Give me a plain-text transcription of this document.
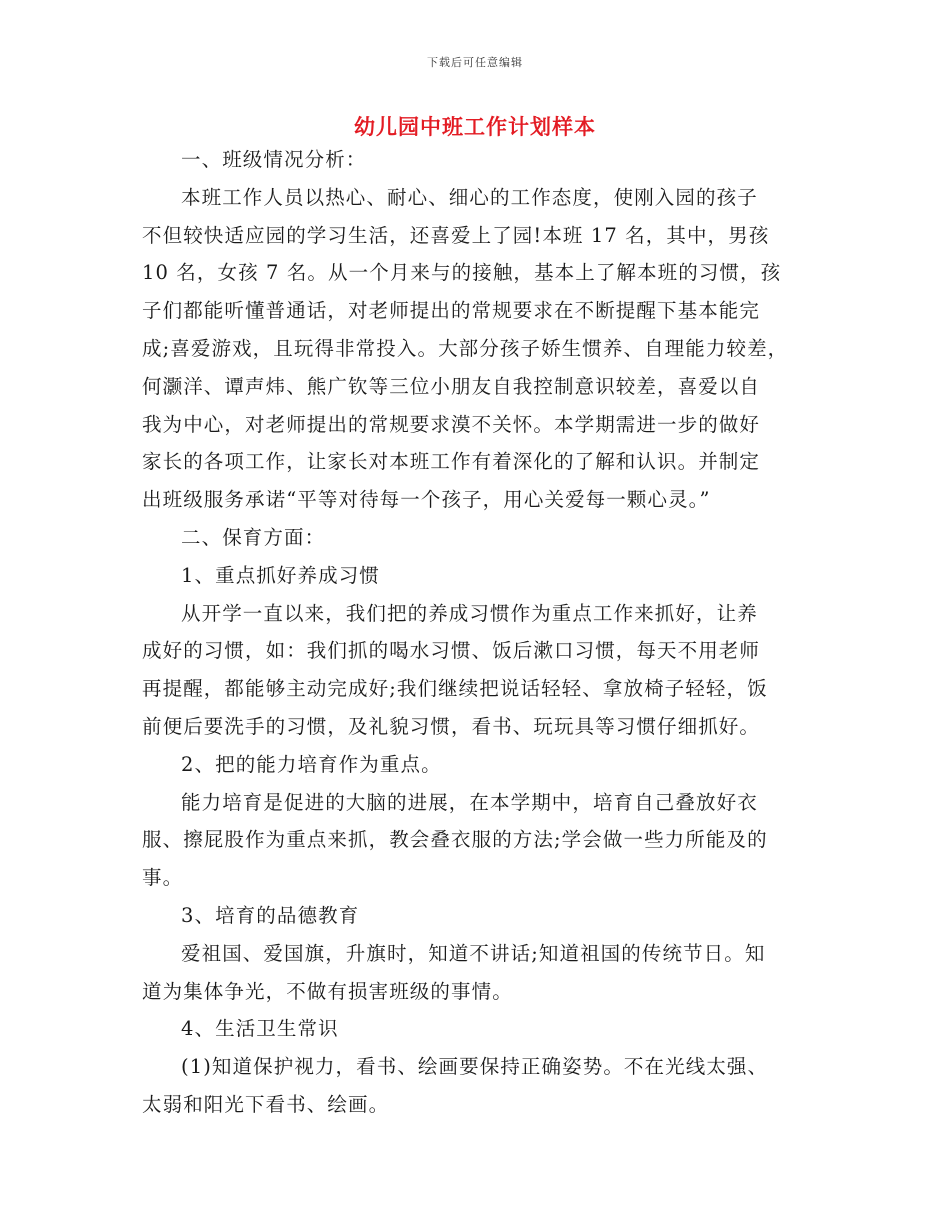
下载后可任意编辑
幼儿园中班工作计划样本

一、班级情况分析：

本班工作人员以热心、耐心、细心的工作态度，使刚入园的孩子
不但较快适应园的学习生活，还喜爱上了园!本班 17 名，其中，男孩
10 名，女孩 7 名。从一个月来与的接触，基本上了解本班的习惯，孩
子们都能听懂普通话，对老师提出的常规要求在不断提醒下基本能完
成;喜爱游戏，且玩得非常投入。大部分孩子娇生惯养、自理能力较差，
何灏洋、谭声炜、熊广钦等三位小朋友自我控制意识较差，喜爱以自
我为中心，对老师提出的常规要求漠不关怀。本学期需进一步的做好
家长的各项工作，让家长对本班工作有着深化的了解和认识。并制定
出班级服务承诺“平等对待每一个孩子，用心关爱每一颗心灵。”

二、保育方面：

1、重点抓好养成习惯

从开学一直以来，我们把的养成习惯作为重点工作来抓好，让养
成好的习惯，如：我们抓的喝水习惯、饭后漱口习惯，每天不用老师
再提醒，都能够主动完成好;我们继续把说话轻轻、拿放椅子轻轻，饭
前便后要洗手的习惯，及礼貌习惯，看书、玩玩具等习惯仔细抓好。

2、把的能力培育作为重点。

能力培育是促进的大脑的进展，在本学期中，培育自己叠放好衣
服、擦屁股作为重点来抓，教会叠衣服的方法;学会做一些力所能及的
事。

3、培育的品德教育

爱祖国、爱国旗，升旗时，知道不讲话;知道祖国的传统节日。知
道为集体争光，不做有损害班级的事情。

4、生活卫生常识

(1)知道保护视力，看书、绘画要保持正确姿势。不在光线太强、
太弱和阳光下看书、绘画。
